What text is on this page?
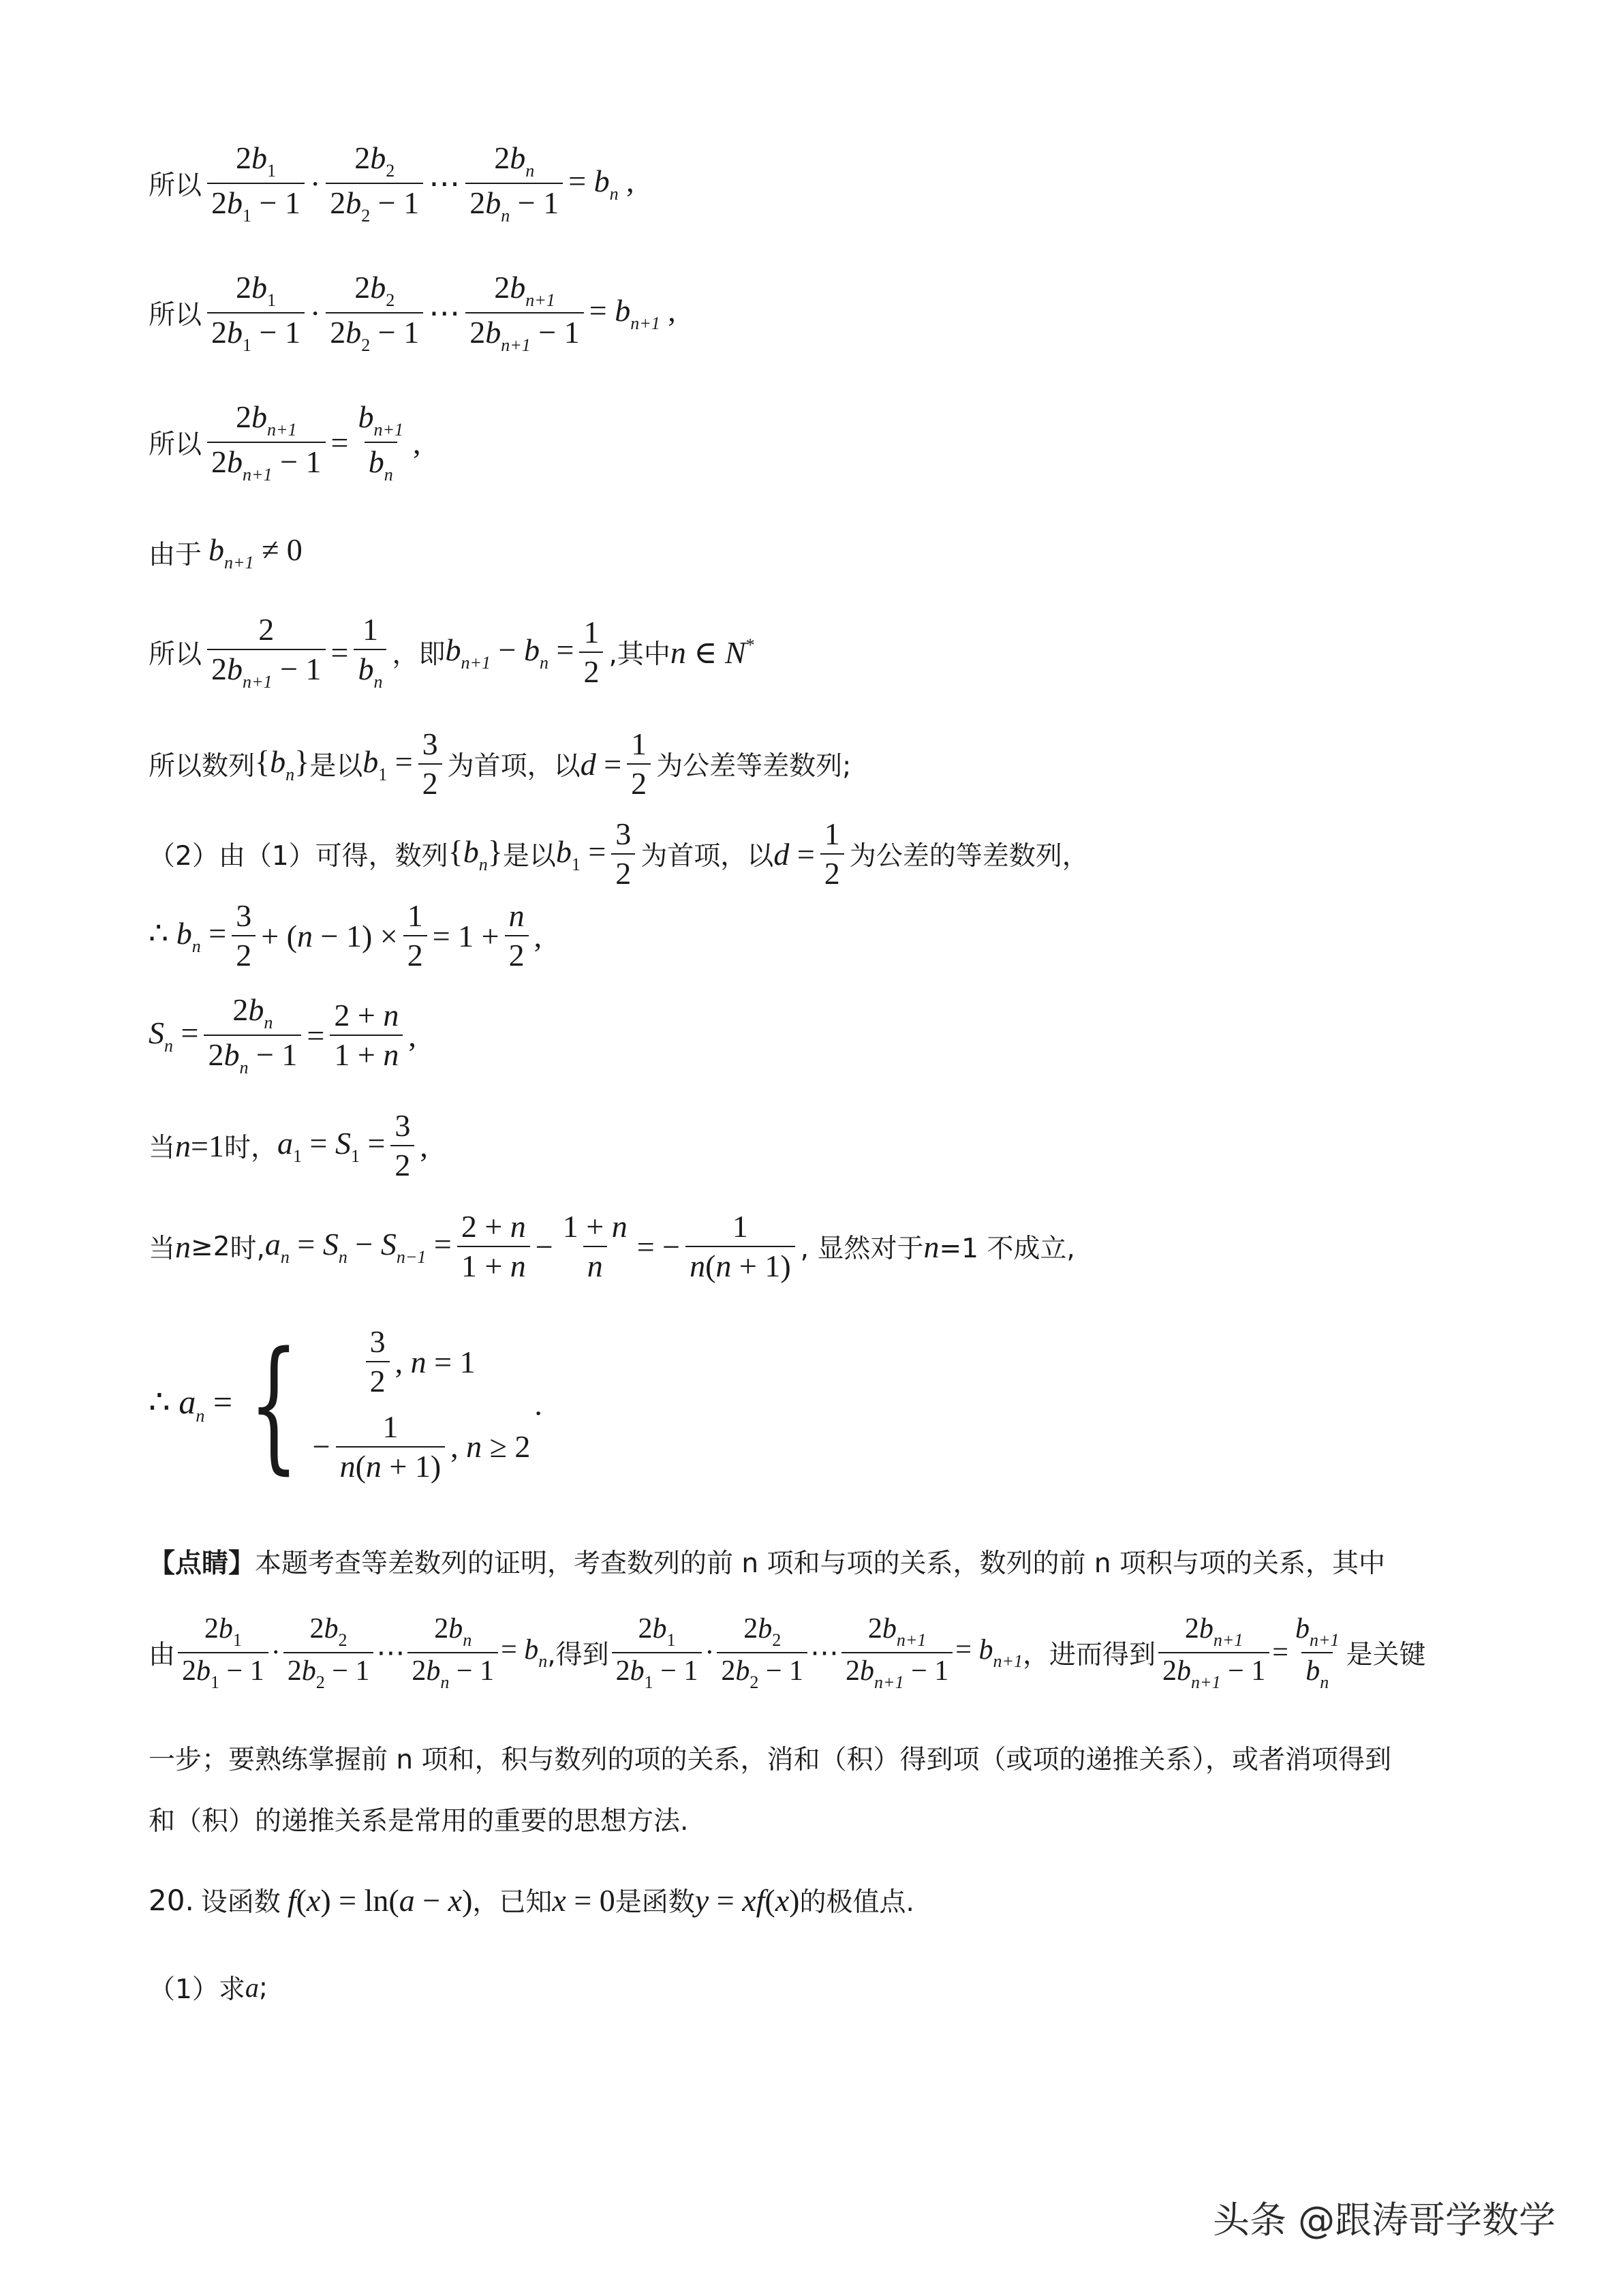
所以 $\frac{2b_1}{2b_1 - 1} \cdot \frac{2b_2}{2b_2 - 1}$ ⋯ $\frac{2b_n}{2b_n - 1} = b_n$ ,
所以 $\frac{2b_1}{2b_1 - 1} \cdot \frac{2b_2}{2b_2 - 1}$ ⋯ $\frac{2b_{n+1}}{2b_{n+1} - 1} = b_{n+1}$ ,
所以 $\frac{2b_{n+1}}{2b_{n+1} - 1} = \frac{b_{n+1}}{b_n}$ ,
由于 $b_{n+1} \ne 0$
所以 $\frac{2}{2b_{n+1} - 1} = \frac{1}{b_n}$ ，即 $b_{n+1} - b_n = \frac{1}{2}$ ,其中 n ∈ N*
所以数列 $\{b_n\}$ 是以 $b_1 = \frac{3}{2}$ 为首项，以 $d = \frac{1}{2}$ 为公差等差数列;
（2）由（1）可得，数列 $\{b_n\}$ 是以 $b_1 = \frac{3}{2}$ 为首项，以 $d = \frac{1}{2}$ 为公差的等差数列，
∴ $b_n = \frac{3}{2} + (n - 1) \times \frac{1}{2} = 1 + \frac{n}{2}$ ,
$S_n = \frac{2b_n}{2b_n - 1} = \frac{2 + n}{1 + n}$ ,
当 n =1 时， $a_1 = S_1 = \frac{3}{2}$ ,
当 n ≥2 时, $a_n = S_n - S_{n-1} = \frac{2 + n}{1 + n} - \frac{1 + n}{n}$ = − $\frac{1}{n(n + 1)}$ , 显然对于 n =1 不成立,
∴ $a_n$ = { $\frac{3}{2}$ , n = 1
− $\frac{1}{n(n + 1)}$ , n ≥ 2
.
【点睛】本题考查等差数列的证明，考查数列的前 n 项和与项的关系，数列的前 n 项积与项的关系，其中
由 $\frac{2b_1}{2b_1 - 1} \cdot \frac{2b_2}{2b_2 - 1}$ ⋯ $\frac{2b_n}{2b_n - 1} = b_n$ ,得到 $\frac{2b_1}{2b_1 - 1} \cdot \frac{2b_2}{2b_2 - 1}$ ⋯ $\frac{2b_{n+1}}{2b_{n+1} - 1} = b_{n+1}$ ，进而得到 $\frac{2b_{n+1}}{2b_{n+1} - 1} = \frac{b_{n+1}}{b_n}$ 是关键
一步；要熟练掌握前 n 项和，积与数列的项的关系，消和（积）得到项（或项的递推关系），或者消项得到
和（积）的递推关系是常用的重要的思想方法.
20. 设函数 f(x) = ln(a − x) ，已知 x = 0 是函数 y = xf(x) 的极值点.
（1）求 a ;
头条 @跟涛哥学数学
